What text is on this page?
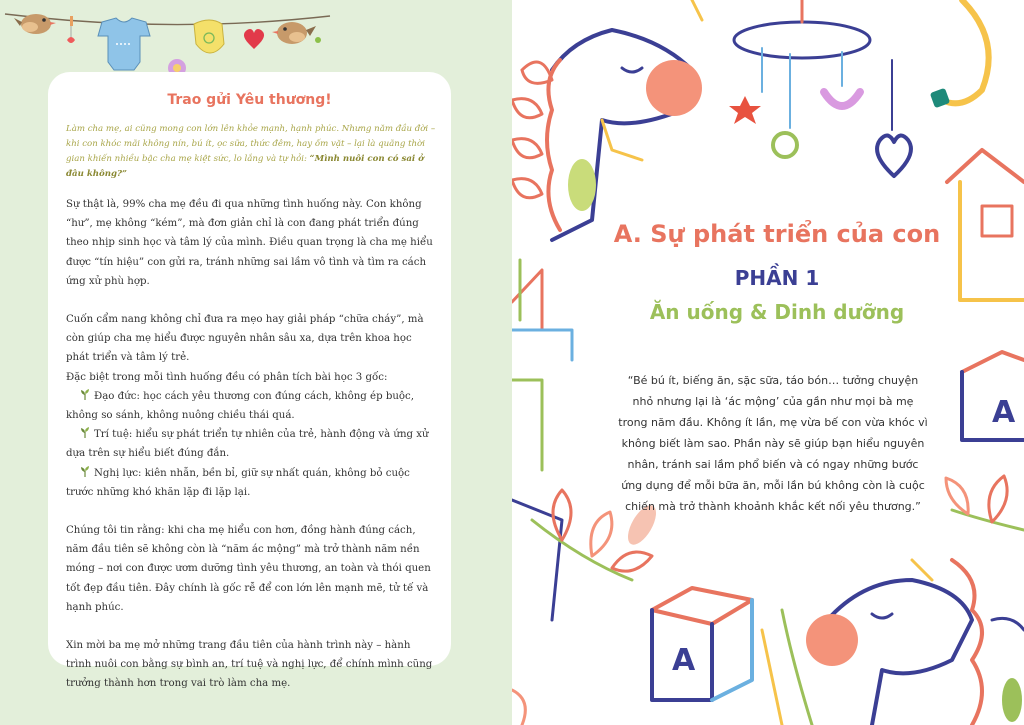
Trao gửi Yêu thương!
Làm cha mẹ, ai cũng mong con lớn lên khỏe mạnh, hạnh phúc. Nhưng năm đầu đời – khi con khóc mãi không nín, bú ít, ọc sữa, thức đêm, hay ốm vặt – lại là quãng thời gian khiến nhiều bậc cha mẹ kiệt sức, lo lắng và tự hỏi: “Mình nuôi con có sai ở đâu không?”

Sự thật là, 99% cha mẹ đều đi qua những tình huống này. Con không “hư”, mẹ không “kém”, mà đơn giản chỉ là con đang phát triển đúng theo nhịp sinh học và tâm lý của mình. Điều quan trọng là cha mẹ hiểu được “tín hiệu” con gửi ra, tránh những sai lầm vô tình và tìm ra cách ứng xử phù hợp.

Cuốn cẩm nang không chỉ đưa ra mẹo hay giải pháp “chữa cháy”, mà còn giúp cha mẹ hiểu được nguyên nhân sâu xa, dựa trên khoa học phát triển và tâm lý trẻ.

Đặc biệt trong mỗi tình huống đều có phân tích bài học 3 gốc:

Đạo đức: học cách yêu thương con đúng cách, không ép buộc, không so sánh, không nuông chiều thái quá.
Trí tuệ: hiểu sự phát triển tự nhiên của trẻ, hành động và ứng xử dựa trên sự hiểu biết đúng đắn.
Nghị lực: kiên nhẫn, bền bỉ, giữ sự nhất quán, không bỏ cuộc trước những khó khăn lặp đi lặp lại.

Chúng tôi tin rằng: khi cha mẹ hiểu con hơn, đồng hành đúng cách, năm đầu tiên sẽ không còn là “năm ác mộng” mà trở thành năm nền móng – nơi con được ươm dưỡng tình yêu thương, an toàn và thói quen tốt đẹp đầu tiên. Đây chính là gốc rễ để con lớn lên mạnh mẽ, tử tế và hạnh phúc.

Xin mời ba mẹ mở những trang đầu tiên của hành trình này – hành trình nuôi con bằng sự bình an, trí tuệ và nghị lực, để chính mình cũng trưởng thành hơn trong vai trò làm cha mẹ.

A
A
A. Sự phát triển của con
PHẦN 1
Ăn uống & Dinh dưỡng
“Bé bú ít, biếng ăn, sặc sữa, táo bón… tưởng chuyện nhỏ nhưng lại là ‘ác mộng’ của gần như mọi bà mẹ trong năm đầu. Không ít lần, mẹ vừa bế con vừa khóc vì không biết làm sao. Phần này sẽ giúp bạn hiểu nguyên nhân, tránh sai lầm phổ biến và có ngay những bước ứng dụng để mỗi bữa ăn, mỗi lần bú không còn là cuộc chiến mà trở thành khoảnh khắc kết nối yêu thương.”
